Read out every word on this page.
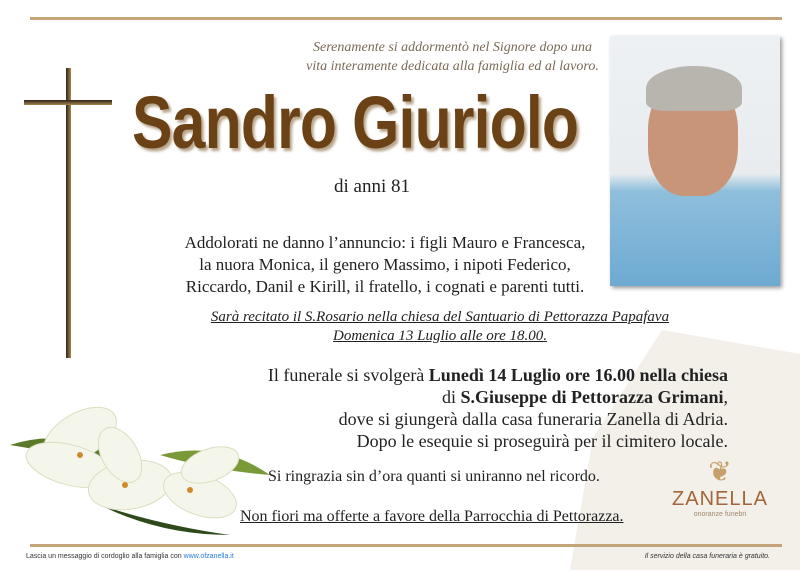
Serenamente si addormentò nel Signore dopo una
vita interamente dedicata alla famiglia ed al lavoro.
Sandro Giuriolo
di anni 81
Addolorati ne danno l’annuncio: i figli Mauro e Francesca,
la nuora Monica, il genero Massimo, i nipoti Federico,
Riccardo, Danil e Kirill, il fratello, i cognati e parenti tutti.
Sarà recitato il S.Rosario nella chiesa del Santuario di Pettorazza Papafava
Domenica 13 Luglio alle ore 18.00.
Il funerale si svolgerà Lunedì 14 Luglio ore 16.00 nella chiesa
di S.Giuseppe di Pettorazza Grimani,
dove si giungerà dalla casa funeraria Zanella di Adria.
Dopo le esequie si proseguirà per il cimitero locale.
Si ringrazia sin d’ora quanti si uniranno nel ricordo.
Non fiori ma offerte a favore della Parrocchia di Pettorazza.
❦
ZANELLA
onoranze funebri
Lascia un messaggio di cordoglio alla famiglia con www.ofzanella.it	Il servizio della casa funeraria è gratuito.
